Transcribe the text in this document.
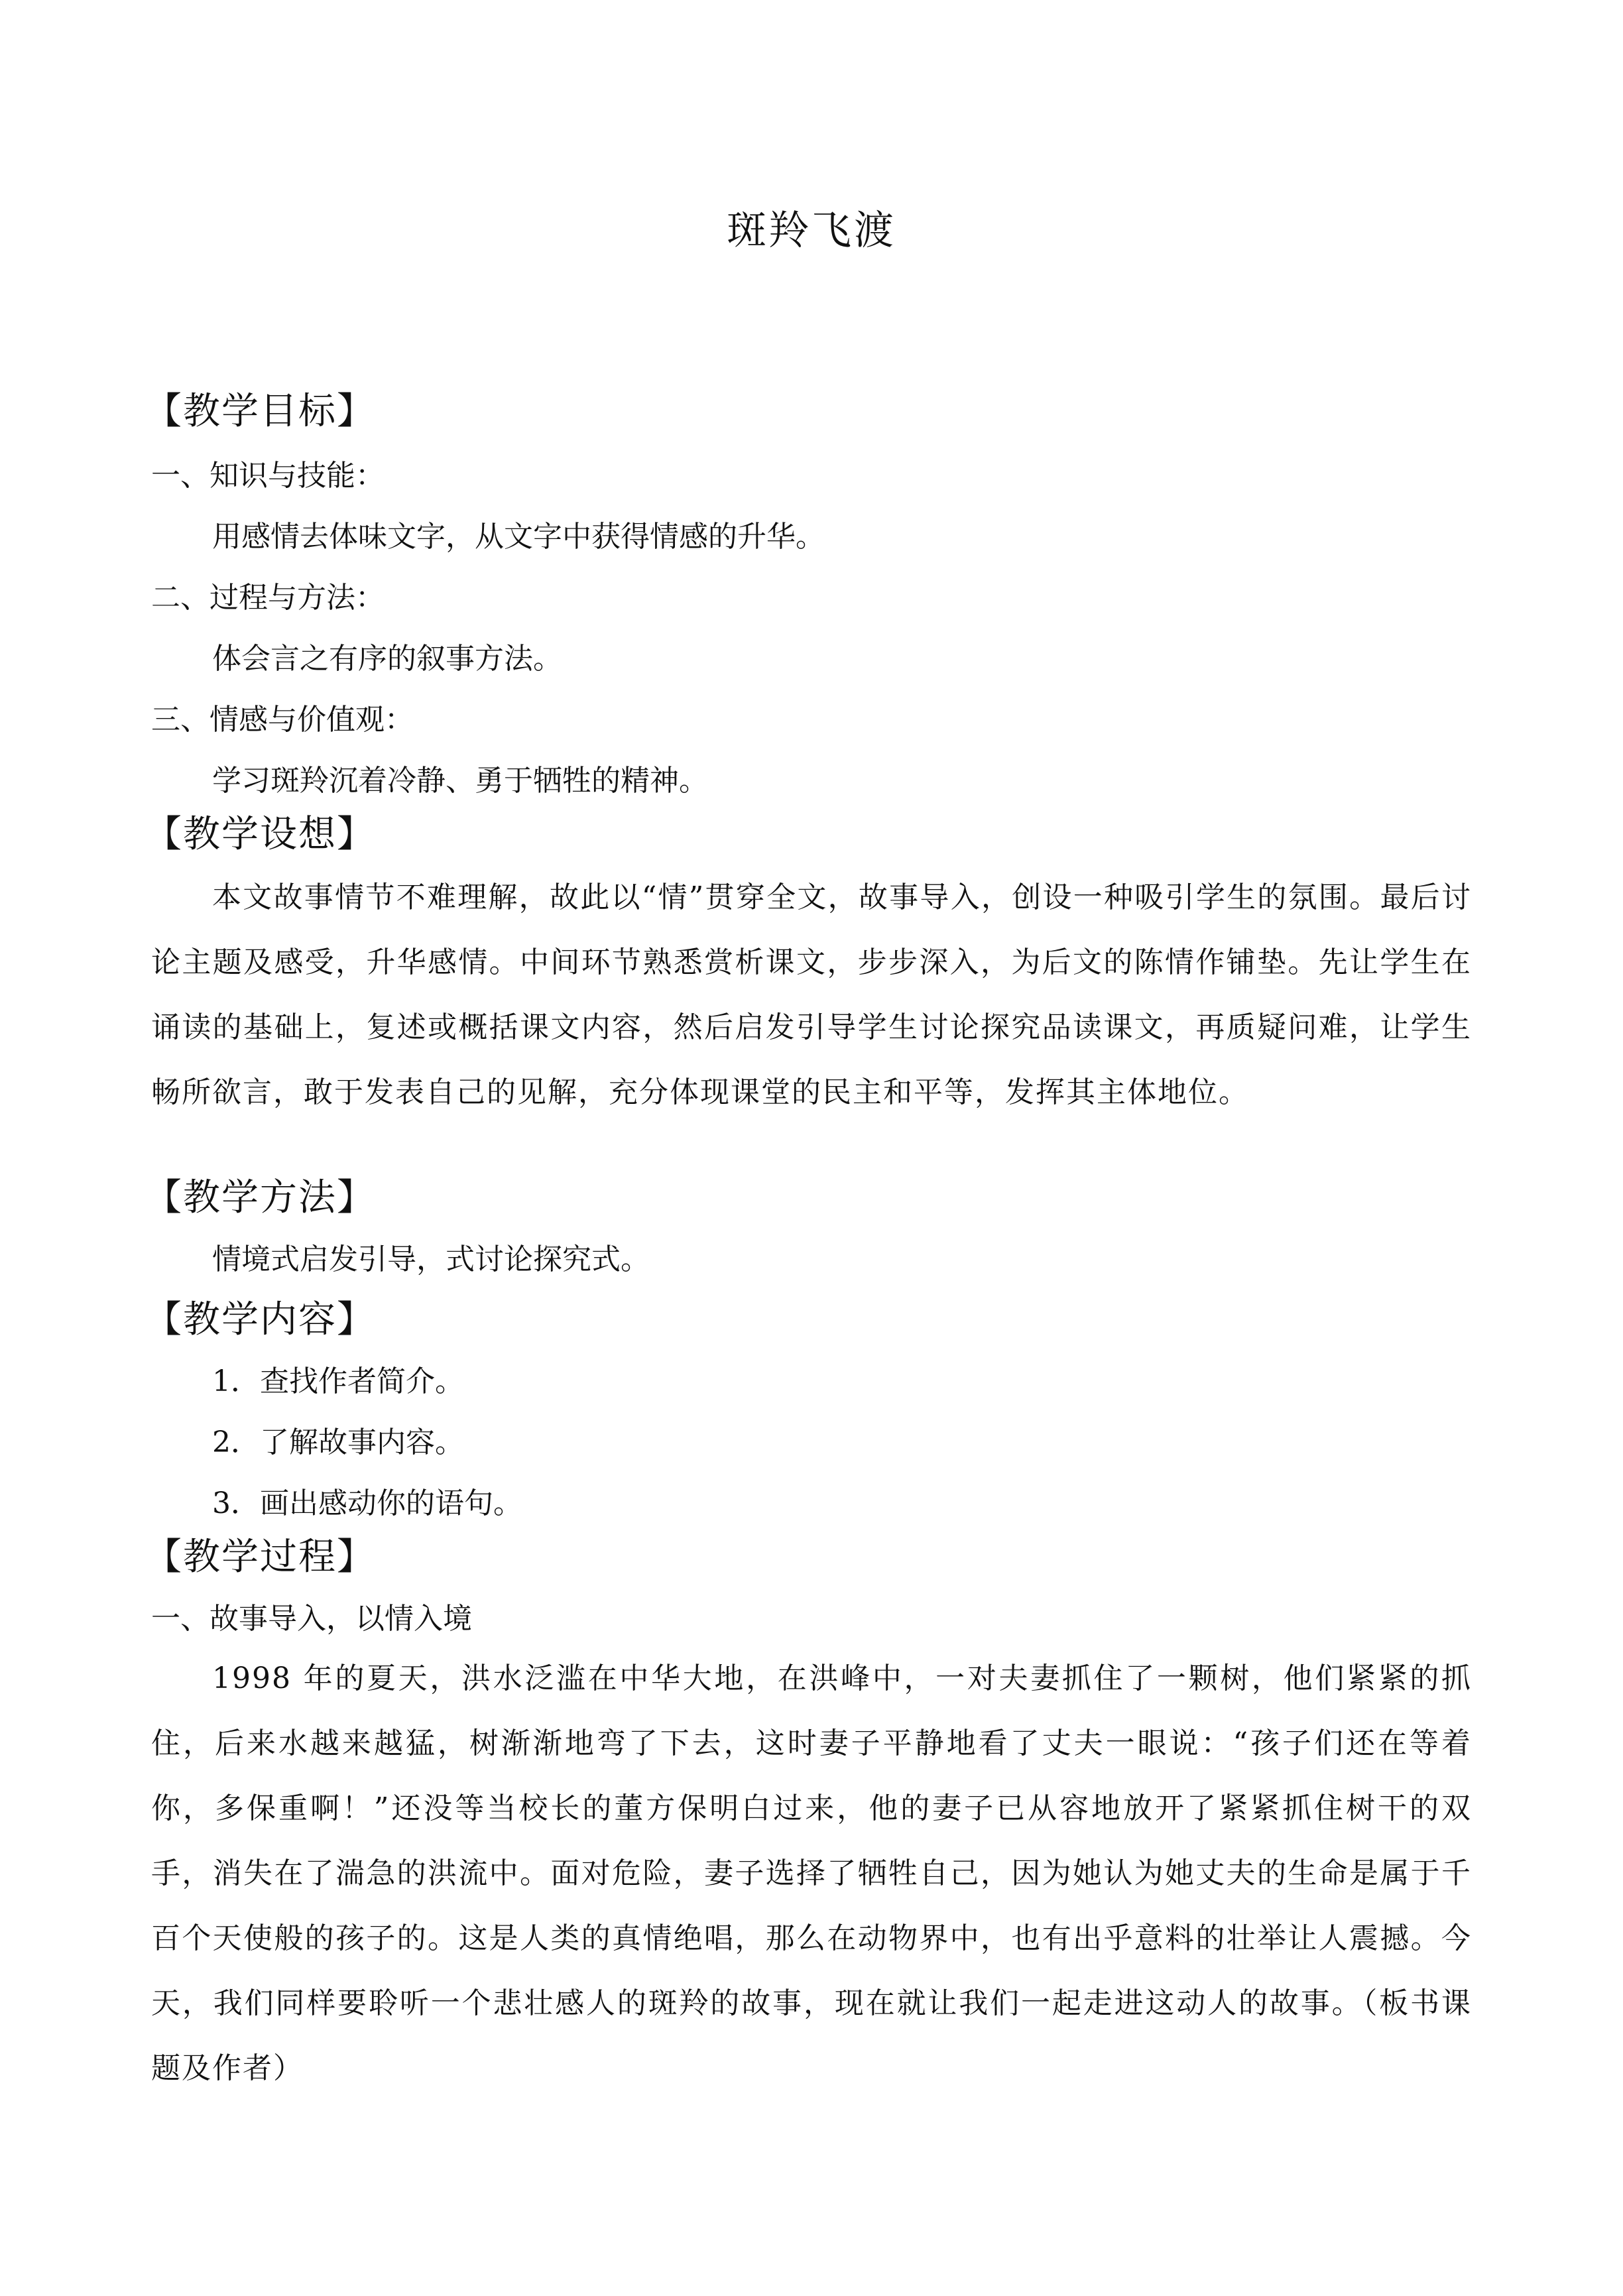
斑羚飞渡
【教学目标】
一、知识与技能：
用感情去体味文字，从文字中获得情感的升华。
二、过程与方法：
体会言之有序的叙事方法。
三、情感与价值观：
学习斑羚沉着冷静、勇于牺牲的精神。
【教学设想】
本文故事情节不难理解，故此以“情”贯穿全文，故事导入，创设一种吸引学生的氛围。最后讨论主题及感受，升华感情。中间环节熟悉赏析课文，步步深入，为后文的陈情作铺垫。先让学生在诵读的基础上，复述或概括课文内容，然后启发引导学生讨论探究品读课文，再质疑问难，让学生畅所欲言，敢于发表自己的见解，充分体现课堂的民主和平等，发挥其主体地位。
【教学方法】
情境式启发引导，式讨论探究式。
【教学内容】
1．查找作者简介。
2．了解故事内容。
3．画出感动你的语句。
【教学过程】
一、故事导入，以情入境
1998 年的夏天，洪水泛滥在中华大地，在洪峰中，一对夫妻抓住了一颗树，他们紧紧的抓住，后来水越来越猛，树渐渐地弯了下去，这时妻子平静地看了丈夫一眼说：“孩子们还在等着你，多保重啊！”还没等当校长的董方保明白过来，他的妻子已从容地放开了紧紧抓住树干的双手，消失在了湍急的洪流中。面对危险，妻子选择了牺牲自己，因为她认为她丈夫的生命是属于千百个天使般的孩子的。这是人类的真情绝唱，那么在动物界中，也有出乎意料的壮举让人震撼。今天，我们同样要聆听一个悲壮感人的斑羚的故事，现在就让我们一起走进这动人的故事。（板书课题及作者）
